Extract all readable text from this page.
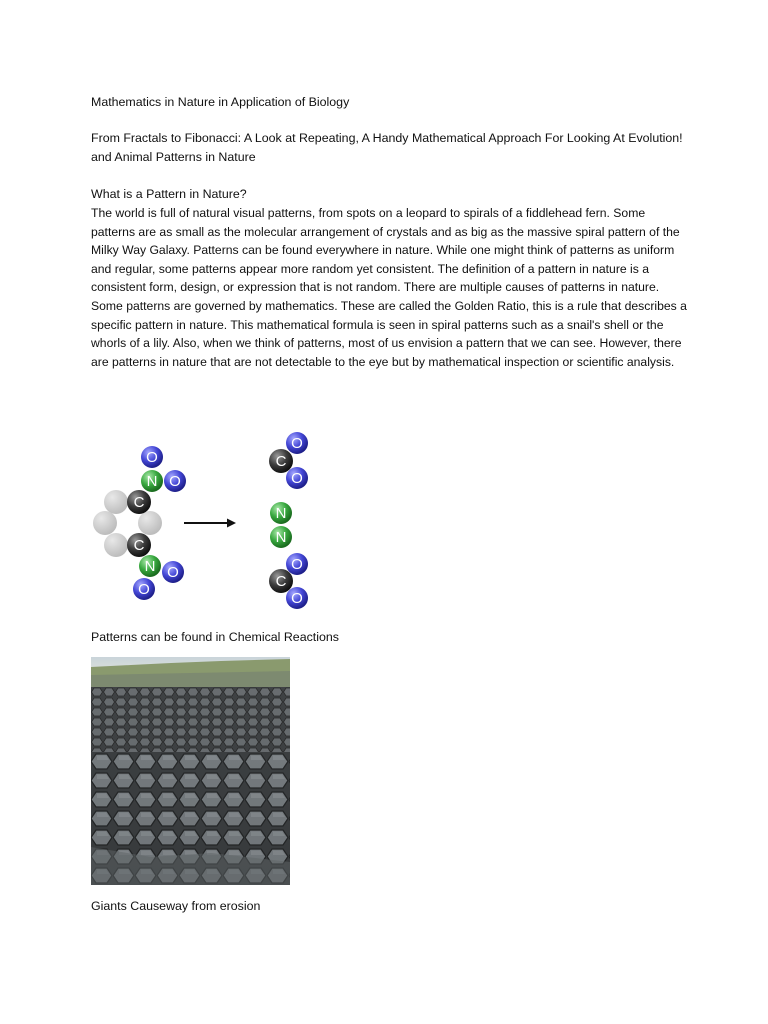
Mathematics in Nature in Application of Biology

From Fractals to Fibonacci: A Look at Repeating, A Handy Mathematical Approach For Looking At Evolution! and Animal Patterns in Nature

What is a Pattern in Nature?

The world is full of natural visual patterns, from spots on a leopard to spirals of a fiddlehead fern. Some patterns are as small as the molecular arrangement of crystals and as big as the massive spiral pattern of the Milky Way Galaxy. Patterns can be found everywhere in nature. While one might think of patterns as uniform and regular, some patterns appear more random yet consistent. The definition of a pattern in nature is a consistent form, design, or expression that is not random. There are multiple causes of patterns in nature. Some patterns are governed by mathematics. These are called the Golden Ratio, this is a rule that describes a specific pattern in nature. This mathematical formula is seen in spiral patterns such as a snail's shell or the whorls of a lily. Also, when we think of patterns, most of us envision a pattern that we can see. However, there are patterns in nature that are not detectable to the eye but by mathematical inspection or scientific analysis.

O
N O
C
C
N O
O
O
C
O
N
N
O
C
O

Patterns can be found in Chemical Reactions

Giants Causeway from erosion
